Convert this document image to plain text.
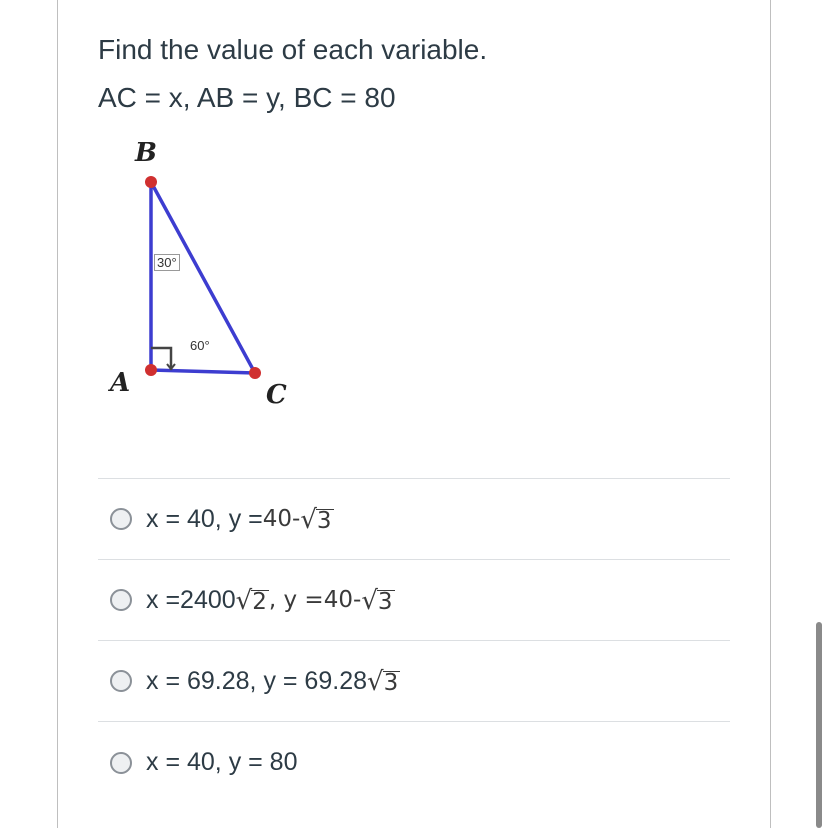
Find the value of each variable.

AC = x, AB = y, BC = 80

B
A	C
30°
60°
x = 40, y = 40 - √ 3
x =2400 √ 2 , y = 40 - √ 3
x = 69.28, y = 69.28 √ 3
x = 40, y = 80
